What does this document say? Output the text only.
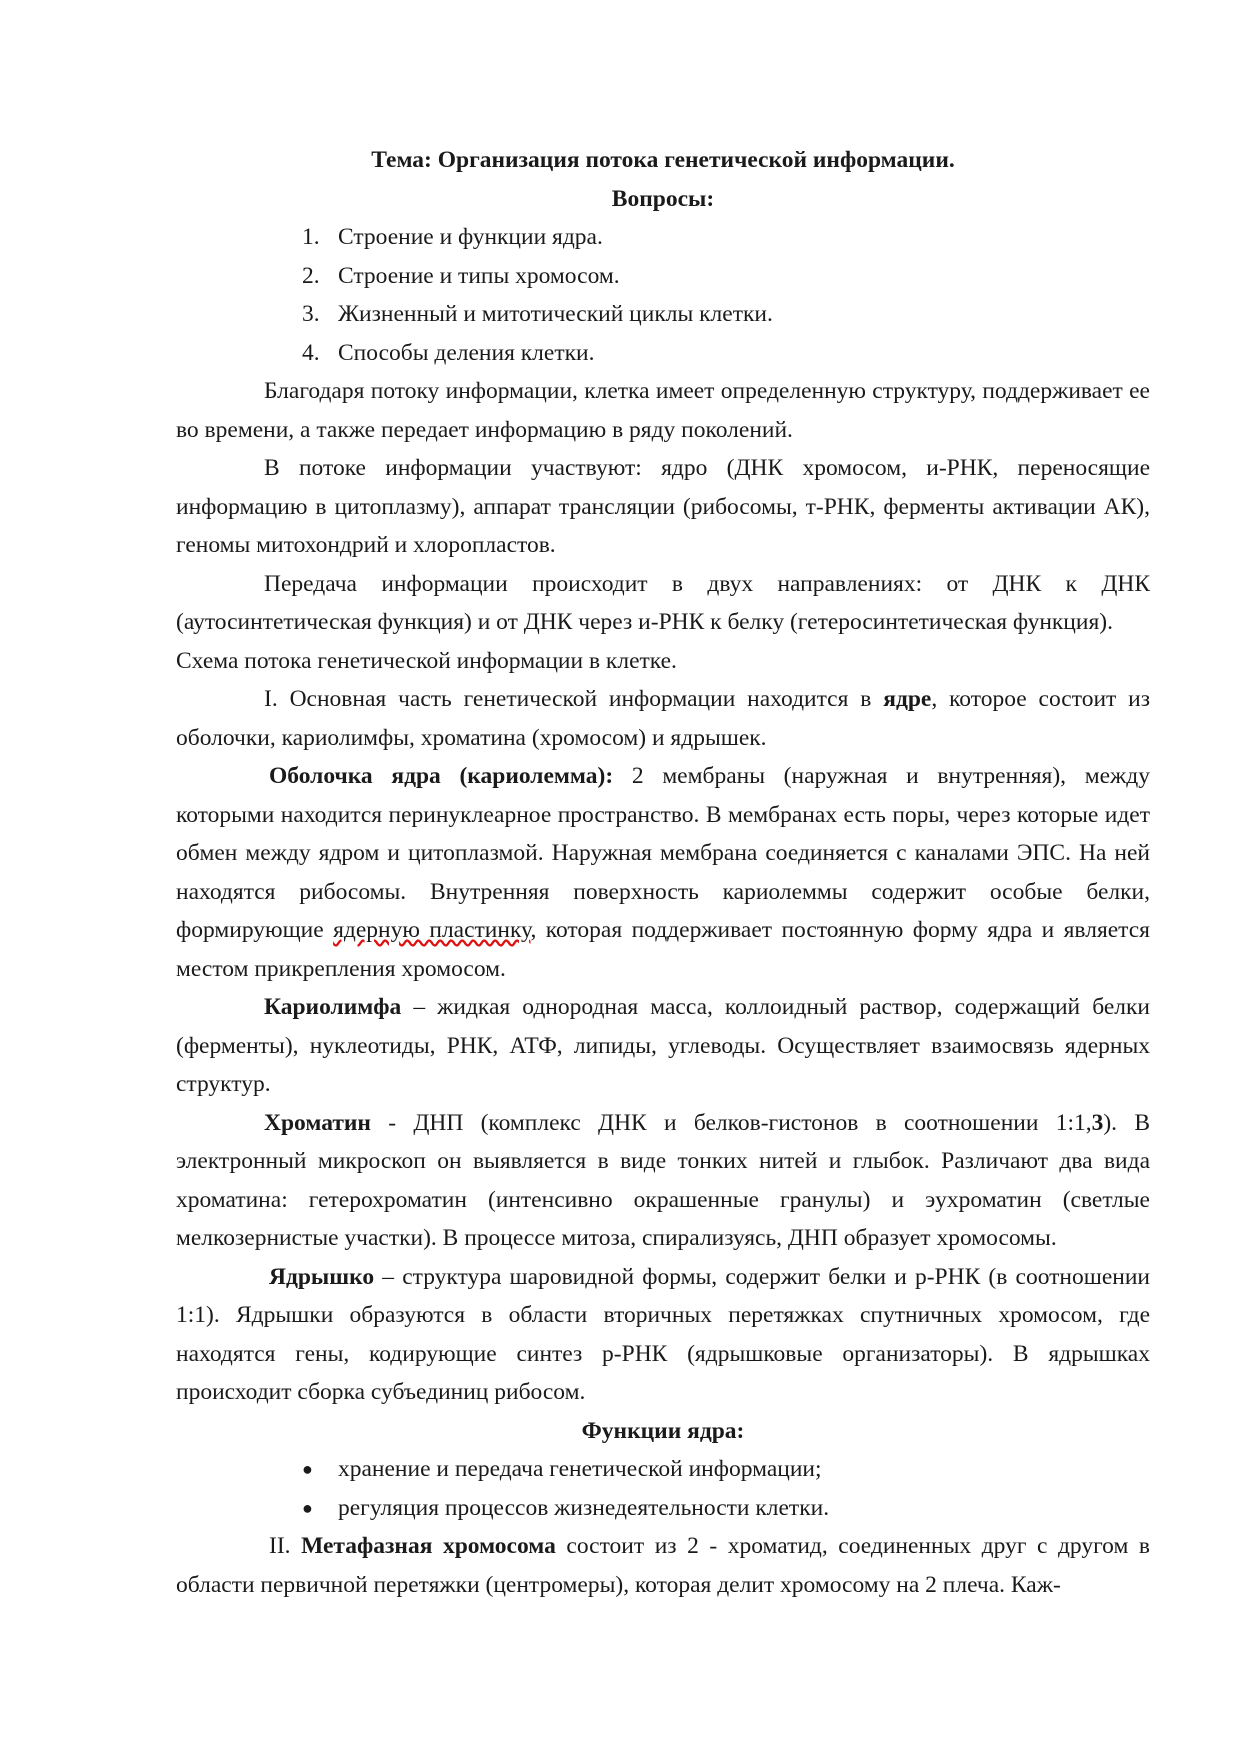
Тема: Организация потока генетической информации.
Вопросы:
1. Строение и функции ядра.
2. Строение и типы хромосом.
3. Жизненный и митотический циклы клетки.
4. Способы деления клетки.

Благодаря потоку информации, клетка имеет определенную структуру, поддерживает ее во времени, а также передает информацию в ряду поколений.

В потоке информации участвуют: ядро (ДНК хромосом, и-РНК, переносящие информацию в цитоплазму), аппарат трансляции (рибосомы, т-РНК, ферменты активации АК), геномы митохондрий и хлоропластов.

Передача информации происходит в двух направлениях: от ДНК к ДНК (аутосинтетическая функция) и от ДНК через и-РНК к белку (гетеросинтетическая функция).

Схема потока генетической информации в клетке.

I. Основная часть генетической информации находится в ядре, которое состоит из оболочки, кариолимфы, хроматина (хромосом) и ядрышек.

Оболочка ядра (кариолемма): 2 мембраны (наружная и внутренняя), между которыми находится перинуклеарное пространство. В мембранах есть поры, через которые идет обмен между ядром и цитоплазмой. Наружная мембрана соединяется с каналами ЭПС. На ней находятся рибосомы. Внутренняя поверхность кариолеммы содержит особые белки, формирующие ядерную пластинку, которая поддерживает постоянную форму ядра и является местом прикрепления хромосом.

Кариолимфа – жидкая однородная масса, коллоидный раствор, содержащий белки (ферменты), нуклеотиды, РНК, АТФ, липиды, углеводы. Осуществляет взаимосвязь ядерных структур.

Хроматин - ДНП (комплекс ДНК и белков-гистонов в соотношении 1:1,3). В электронный микроскоп он выявляется в виде тонких нитей и глыбок. Различают два вида хроматина: гетерохроматин (интенсивно окрашенные гранулы) и эухроматин (светлые мелкозернистые участки). В процессе митоза, спирализуясь, ДНП образует хромосомы.

Ядрышко – структура шаровидной формы, содержит белки и р-РНК (в соотношении 1:1). Ядрышки образуются в области вторичных перетяжках спутничных хромосом, где находятся гены, кодирующие синтез р-РНК (ядрышковые организаторы). В ядрышках происходит сборка субъединиц рибосом.

Функции ядра:
●	хранение и передача генетической информации;
●	регуляция процессов жизнедеятельности клетки.

II. Метафазная хромосома состоит из 2 - хроматид, соединенных друг с другом в области первичной перетяжки (центромеры), которая делит хромосому на 2 плеча. Каж-
